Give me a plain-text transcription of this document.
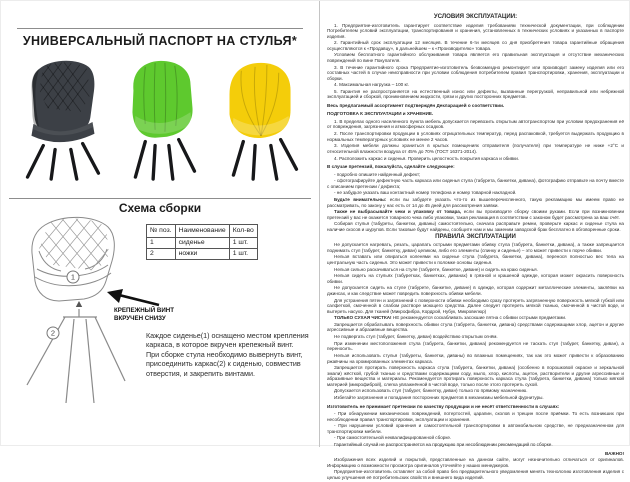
УНИВЕРСАЛЬНЫЙ ПАСПОРТ НА СТУЛЬЯ*
Схема сборки
1
2
№ поз.	Наименование	Кол-во
1	сиденье	1 шт.
2	ножки	1 шт.
КРЕПЕЖНЫЙ ВИНТ
ВКРУЧЕН СНИЗУ
Каждое сиденье(1) оснащено местом крепления каркаса, в которое вкручен крепежный винт.
При сборке стула необходимо вывернуть винт, присоединить каркас(2) к сиденью, совместив отверстия, и закрепить винтами.

УСЛОВИЯ ЭКСПЛУАТАЦИИ:

1. Предприятие-изготовитель гарантирует соответствие изделия требованиям технической документации, при соблюдении Потребителем условий эксплуатации, транспортирования и хранения, установленных в технических условиях и указанных в паспорте изделия.

2. Гарантийный срок эксплуатации 12 месяцев. В течение 6-ти месяцев со дня приобретения товара гарантийные обращения осуществляются к «Продавцу», в дальнейшем – к «Производителю» товара.

Условием бесплатного гарантийного обслуживания товара является его правильная эксплуатация и отсутствие механических повреждений по вине Покупателя.

3. В течение гарантийного срока Предприятие-изготовитель безвозмездно ремонтирует или производит замену изделия или его составных частей в случае неисправности при условии соблюдения потребителем правил транспортировки, хранения, эксплуатации и сборки.

4. Максимальная нагрузка – 100 кг.

5. Гарантия не распространяется на естественный износ или дефекты, вызванные перегрузкой, неправильной или небрежной эксплуатацией и сборкой, проникновением жидкости, грязи и других посторонних предметов.

Весь предлагаемый ассортимент подтверждён Декларацией о соответствии.

ПОДГОТОВКА К ЭКСПЛУАТАЦИИ и ХРАНЕНИЕ.

1. В пределах одного населенного пункта мебель допускается перевозить открытым автотранспортом при условии предохранения её от повреждения, загрязнения и атмосферных осадков.

2. После транспортировки продукции в условиях отрицательных температур, перед распаковкой, требуется выдержать продукцию в нормальных температурных условиях не менее 2 часов.

3. Изделия мебели должны храниться в крытых помещениях отправителя (получателя) при температуре не ниже +2°С и относительной влажности воздуха от 45% до 70% (ГОСТ 16371-2014).

4. Расположить каркас и сиденья. Проверить целостность покрытия каркаса и обивки.

В случае претензий, пожалуйста, сделайте следующее:

- подробно опишите найденный дефект;

- сфотографируйте дефектную часть каркаса или сиденья стула (табурета, банкетки, дивана), фотографию отправьте на почту вместе с описанием претензии / дефекта;

- не забудьте указать ваш контактный номер телефона и номер товарной накладной.

Будьте внимательны: если вы забудете указать что-то из вышеперечисленного, такую рекламацию мы имеем право не рассматривать, по закону у нас есть от 14 до 45 дней для рассмотрения заявки.

Также не выбрасывайте чеки и упаковку от товара, если вы производите сборку своими руками. Если при возникновении претензий у вас не окажется товарного чека либо упаковки, такая рекламация в соответствии с законом будет рассмотрена за ваш счёт.

Собирая стулья (табуреты, банкетки, диваны) самостоятельно, сначала расправьте ремни, проверьте каркас и сиденье стула на наличие скосов и шурупов. Если таковые будут найдены, сообщите нам и мы заменим заводской брак бесплатно в обговоренные сроки.

ПРАВИЛА ЭКСПЛУАТАЦИИ

Не допускается нагревать, резать, царапать острыми предметами обивку стула (табурета, банкетки, дивана), а также запрещается поднимать стул (табурет, банкетку, диван) целиком, либо его элементы (спинку и сиденье) – это может привести к порче обивки.

Нельзя вставать или опираться коленями на сиденье стула (табурета, банкетки, дивана), перенося полностью вес тела на центральную часть сиденья. Это может привести к поломке основы сиденья.

Нельзя сильно раскачиваться на стуле (табурете, банкетке, диване) и сидеть на краю сиденья.

Нельзя сидеть на стульях (табуретках, банкетках, диванах) в грязной и крашеной одежде, которая может окрасить поверхность обивки.

Не допускается сидеть на стуле (табурете, банкетке, диване) в одежде, которая содержит металлические элементы, заклёпки на джинсах, и как следствие может повредить поверхность обивки мебели.

Для устранения пятен и загрязнений с поверхности обивки необходимо сразу протереть загрязненную поверхность мягкой губкой или салфеткой, смоченной в слабом растворе моющего средства. Далее следует протереть мягкой тканью, смоченной в чистой воде, и вытереть насухо. Для тканей (Микрофибра, Кордрой, Нубук, Микровелюр)

ТОЛЬКО СУХАЯ ЧИСТКА! НЕ рекомендуется соскабливать засохшие пятна с обивки острыми предметами.

Запрещается обрабатывать поверхность обивки стула (табурета, банкетки, дивана) средствами содержащими хлор, ацетон и другие агрессивные и абразивные вещества.

Не подвергать стул (табурет, банкетку, диван) воздействию открытым огнём.

При изменении местоположения стула (табурета, банкетки, дивана) рекомендуется не таскать стул (табурет, банкетку, диван), а переносить.

Нельзя использовать стулья (табуреты, банкетки, диваны) во влажных помещениях, так как это может привести к образованию ржавчины на хромированных элементах каркаса.

Запрещается протирать поверхность каркаса стула (табурета, банкетки, дивана) (особенно в порошковой окраске и зеркальной эмали) жёсткой, грубой тканью и средствами содержащими соду, мыло, хлор, кислоты, ацетон, растворители и другие агрессивные и абразивные вещества и материалы. Рекомендуется протирать поверхность каркаса стула (табурета, банкетки, дивана) только мягкой материей (микрофиброй), слегка увлажнённой в чистой воде, только после этого протереть сухой.

Допускается использовать стул (табурет, банкетку, диван) только по прямому назначению.

Избегайте загрязнения и попадания посторонних предметов в механизмы мебельной фурнитуры.

Изготовитель не принимает претензии по качеству продукции и не несёт ответственности в случаях:

- При обнаружении механических повреждений, потертостей, царапин, сколов и трещин после приёмки. То есть возникших при несоблюдении правил транспортировки, эксплуатации и хранения.

- При нарушении условий хранения и самостоятельной транспортировки в автомобильном средстве, не предназначенном для транспортировки мебели.

- При самостоятельной неквалифицированной сборке.

Гарантийный случай не распространяется на продукцию при несоблюдении рекомендаций по сборке.

ВАЖНО!

Изображения всех изделий и покрытий, представленные на данном сайте, могут незначительно отличаться от оригиналов. Информацию о возможности просмотра оригиналов уточняйте у наших менеджеров.

Предприятие-изготовитель оставляет за собой право без предварительного уведомления менять технологию изготовления изделия с целью улучшения её потребительских свойств и внешнего вида изделий.
